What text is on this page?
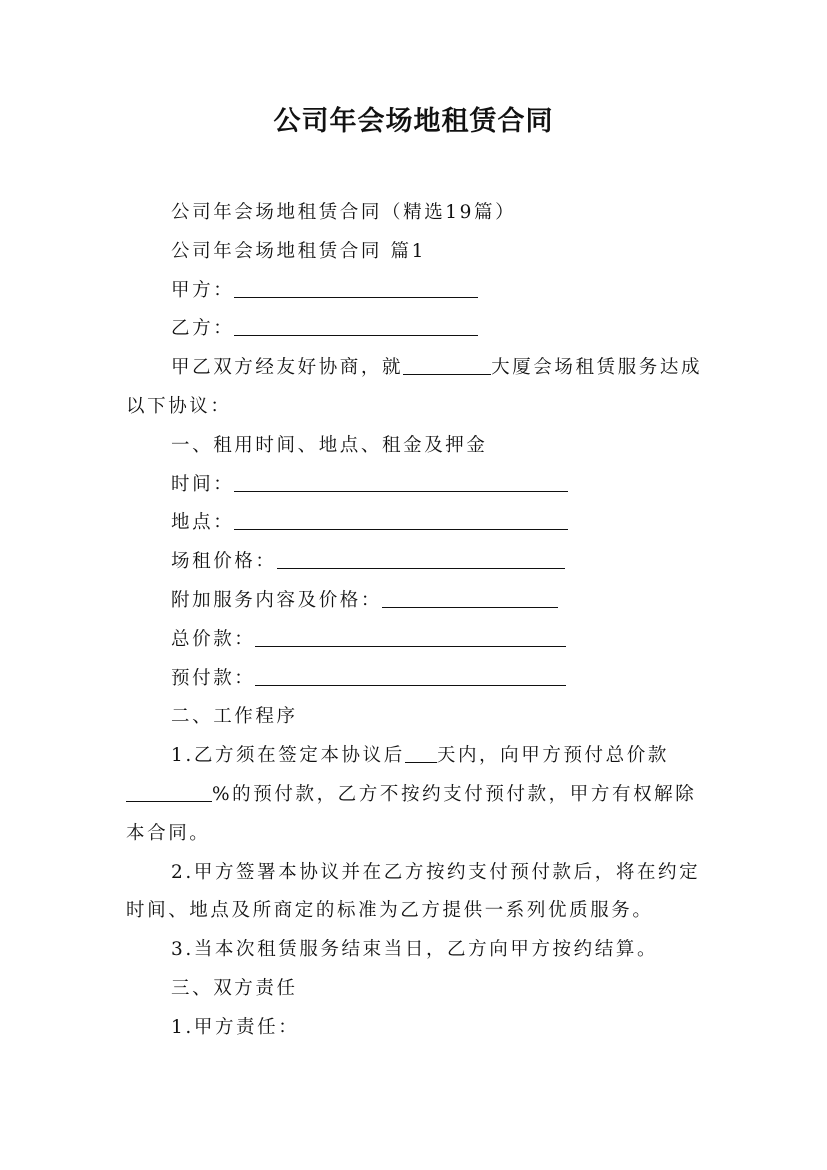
公司年会场地租赁合同

公司年会场地租赁合同（精选19篇）

公司年会场地租赁合同 篇1

甲方：

乙方：

甲乙双方经友好协商，就	大厦会场租赁服务达成以下协议：

一、租用时间、地点、租金及押金

时间：

地点：

场租价格：

附加服务内容及价格：

总价款：

预付款：

二、工作程序

1.乙方须在签定本协议后 天内，向甲方预付总价款%的预付款，乙方不按约支付预付款，甲方有权解除本合同。

2.甲方签署本协议并在乙方按约支付预付款后，将在约定时间、地点及所商定的标准为乙方提供一系列优质服务。

3.当本次租赁服务结束当日，乙方向甲方按约结算。

三、双方责任

1.甲方责任：
